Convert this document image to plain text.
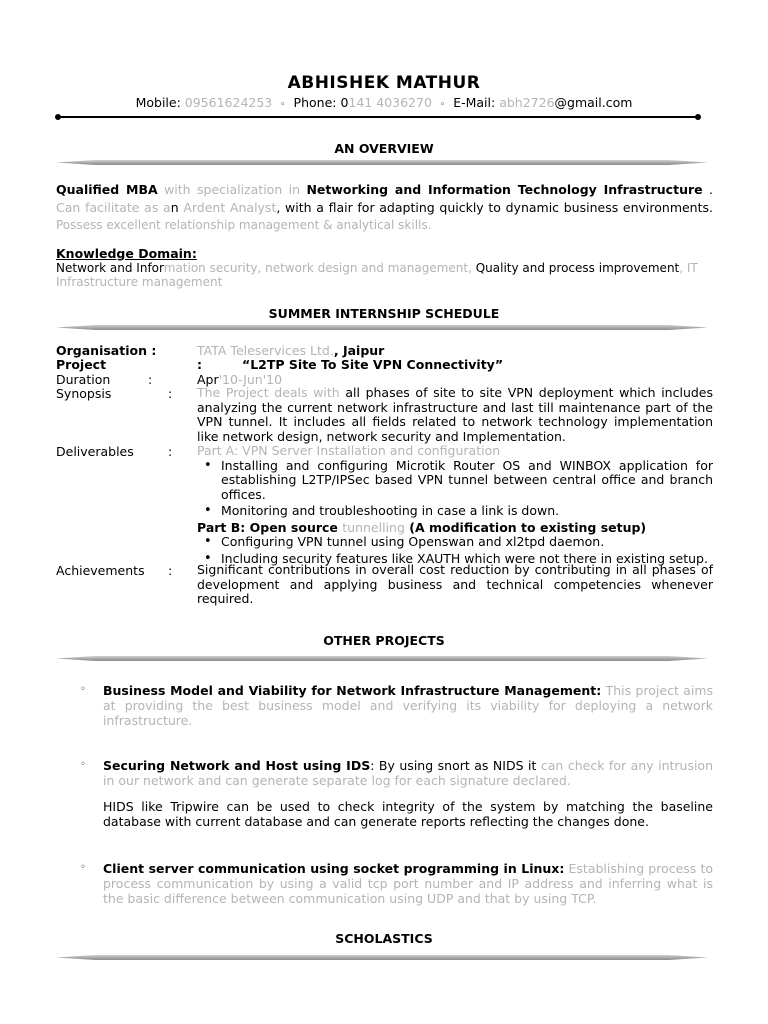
ABHISHEK MATHUR
Mobile: 09561624253 ◦ Phone: 0141 4036270 ◦ E-Mail: abh2726@gmail.com
AN OVERVIEW
Qualified MBA with specialization in Networking and Information Technology Infrastructure . Can facilitate as an Ardent Analyst, with a flair for adapting quickly to dynamic business environments. Possess excellent relationship management & analytical skills.
Knowledge Domain:
Network and Information security, network design and management, Quality and process improvement, IT Infrastructure management
SUMMER INTERNSHIP SCHEDULE
Organisation :	TATA Teleservices Ltd., Jaipur
Project	:	“L2TP Site To Site VPN Connectivity”
Duration	:	Apr'10-Jun'10
Synopsis	: The Project deals with all phases of site to site VPN deployment which includes analyzing the current network infrastructure and last till maintenance part of the VPN tunnel. It includes all fields related to network technology implementation like network design, network security and Implementation.
Deliverables	: Part A: VPN Server Installation and configuration
• Installing and configuring Microtik Router OS and WINBOX application for establishing L2TP/IPSec based VPN tunnel between central office and branch offices.
• Monitoring and troubleshooting in case a link is down.
Part B: Open source tunnelling (A modification to existing setup)
• Configuring VPN tunnel using Openswan and xl2tpd daemon.
• Including security features like XAUTH which were not there in existing setup.
Achievements : Significant contributions in overall cost reduction by contributing in all phases of development and applying business and technical competencies whenever required.
OTHER PROJECTS
◦ Business Model and Viability for Network Infrastructure Management: This project aims at providing the best business model and verifying its viability for deploying a network infrastructure.
◦ Securing Network and Host using IDS: By using snort as NIDS it can check for any intrusion in our network and can generate separate log for each signature declared.
HIDS like Tripwire can be used to check integrity of the system by matching the baseline database with current database and can generate reports reflecting the changes done.
◦ Client server communication using socket programming in Linux: Establishing process to process communication by using a valid tcp port number and IP address and inferring what is the basic difference between communication using UDP and that by using TCP.
SCHOLASTICS
